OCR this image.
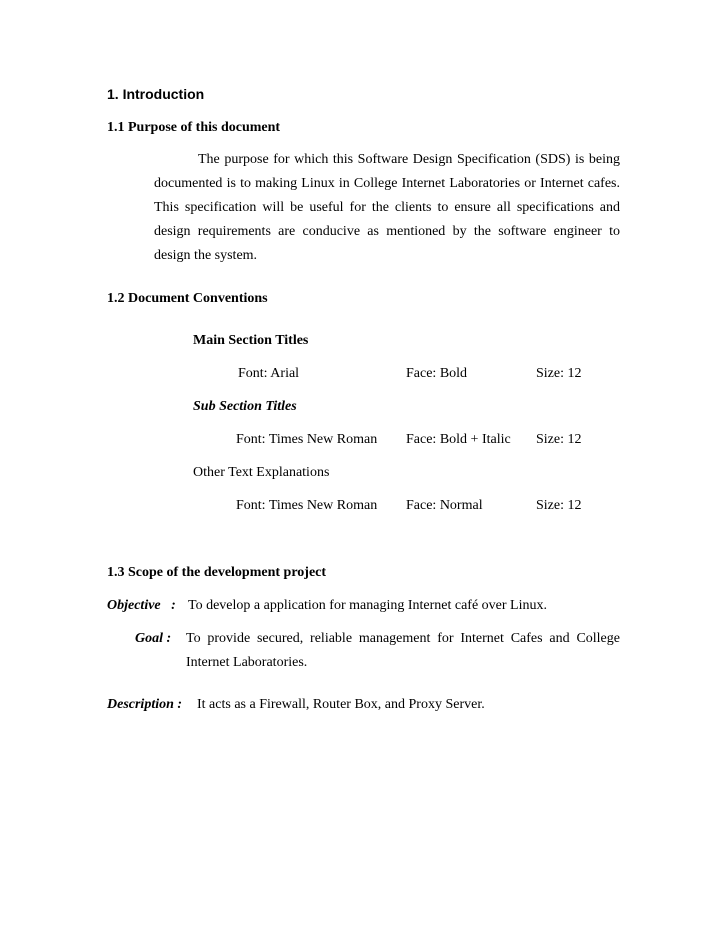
1. Introduction
1.1 Purpose of this document
The purpose for which this Software Design Specification (SDS) is being documented is to making Linux in College Internet Laboratories or Internet cafes. This specification will be useful for the clients to ensure all specifications and design requirements are conducive as mentioned by the software engineer to design the system.
1.2 Document Conventions
Main Section Titles
Font: Arial	Face: Bold	Size: 12
Sub Section Titles
Font: Times New Roman Face: Bold + Italic Size: 12
Other Text Explanations
Font: Times New Roman Face: Normal	Size: 12
1.3 Scope of the development project
Objective   : To develop a application for managing Internet café over Linux.
Goal : To provide secured, reliable management for Internet Cafes and College Internet Laboratories.
Description : It acts as a Firewall, Router Box, and Proxy Server.
